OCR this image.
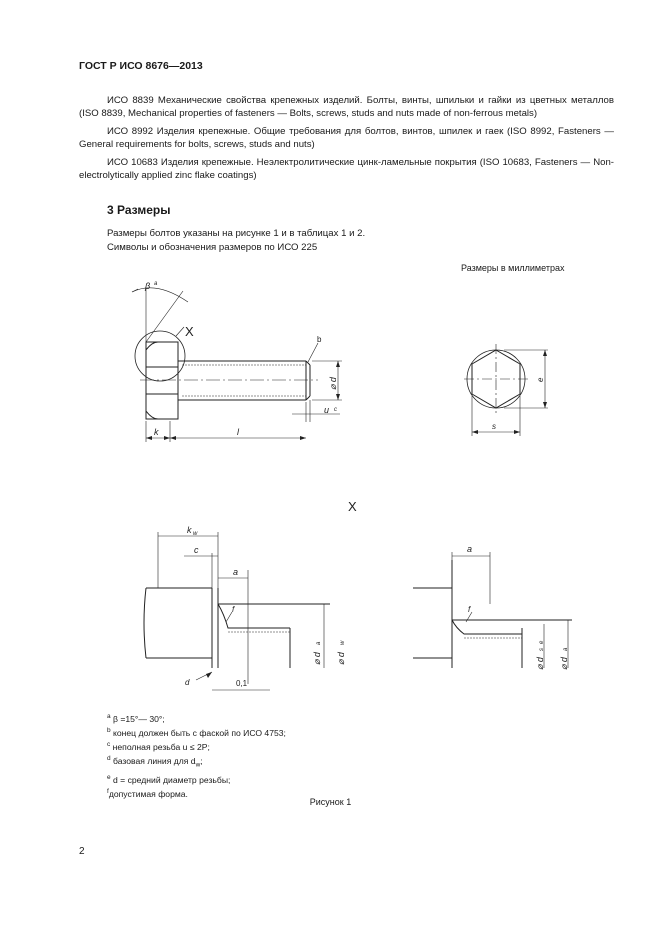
ГОСТ Р ИСО 8676—2013

ИСО 8839 Механические свойства крепежных изделий. Болты, винты, шпильки и гайки из цветных металлов (ISO 8839, Mechanical properties of fasteners — Bolts, screws, studs and nuts made of non-ferrous metals)

ИСО 8992 Изделия крепежные. Общие требования для болтов, винтов, шпилек и гаек (ISO 8992, Fasteners — General requirements for bolts, screws, studs and nuts)

ИСО 10683 Изделия крепежные. Неэлектролитические цинк-ламельные покрытия (ISO 10683, Fasteners — Non-electrolytically applied zinc flake coatings)

3 Размеры
Размеры болтов указаны на рисунке 1 и в таблицах 1 и 2.
Символы и обозначения размеров по ИСО 225
Размеры в миллиметрах
β a
X
b
⌀ d
u c
k	l
e
s
X
k w
c
a
f
⌀ d
a
⌀ d
w
d	0,1
a
f
⌀ d
s
e
⌀ d
a
$^a$ β =15°— 30°;
$^b$ конец должен быть с фаской по ИСО 4753;
$^c$ неполная резьба u ≤ 2P;
$^d$ базовая линия для $d_w$;
$^e$ d = средний диаметр резьбы;
$^f$допустимая форма.
Рисунок 1
2
